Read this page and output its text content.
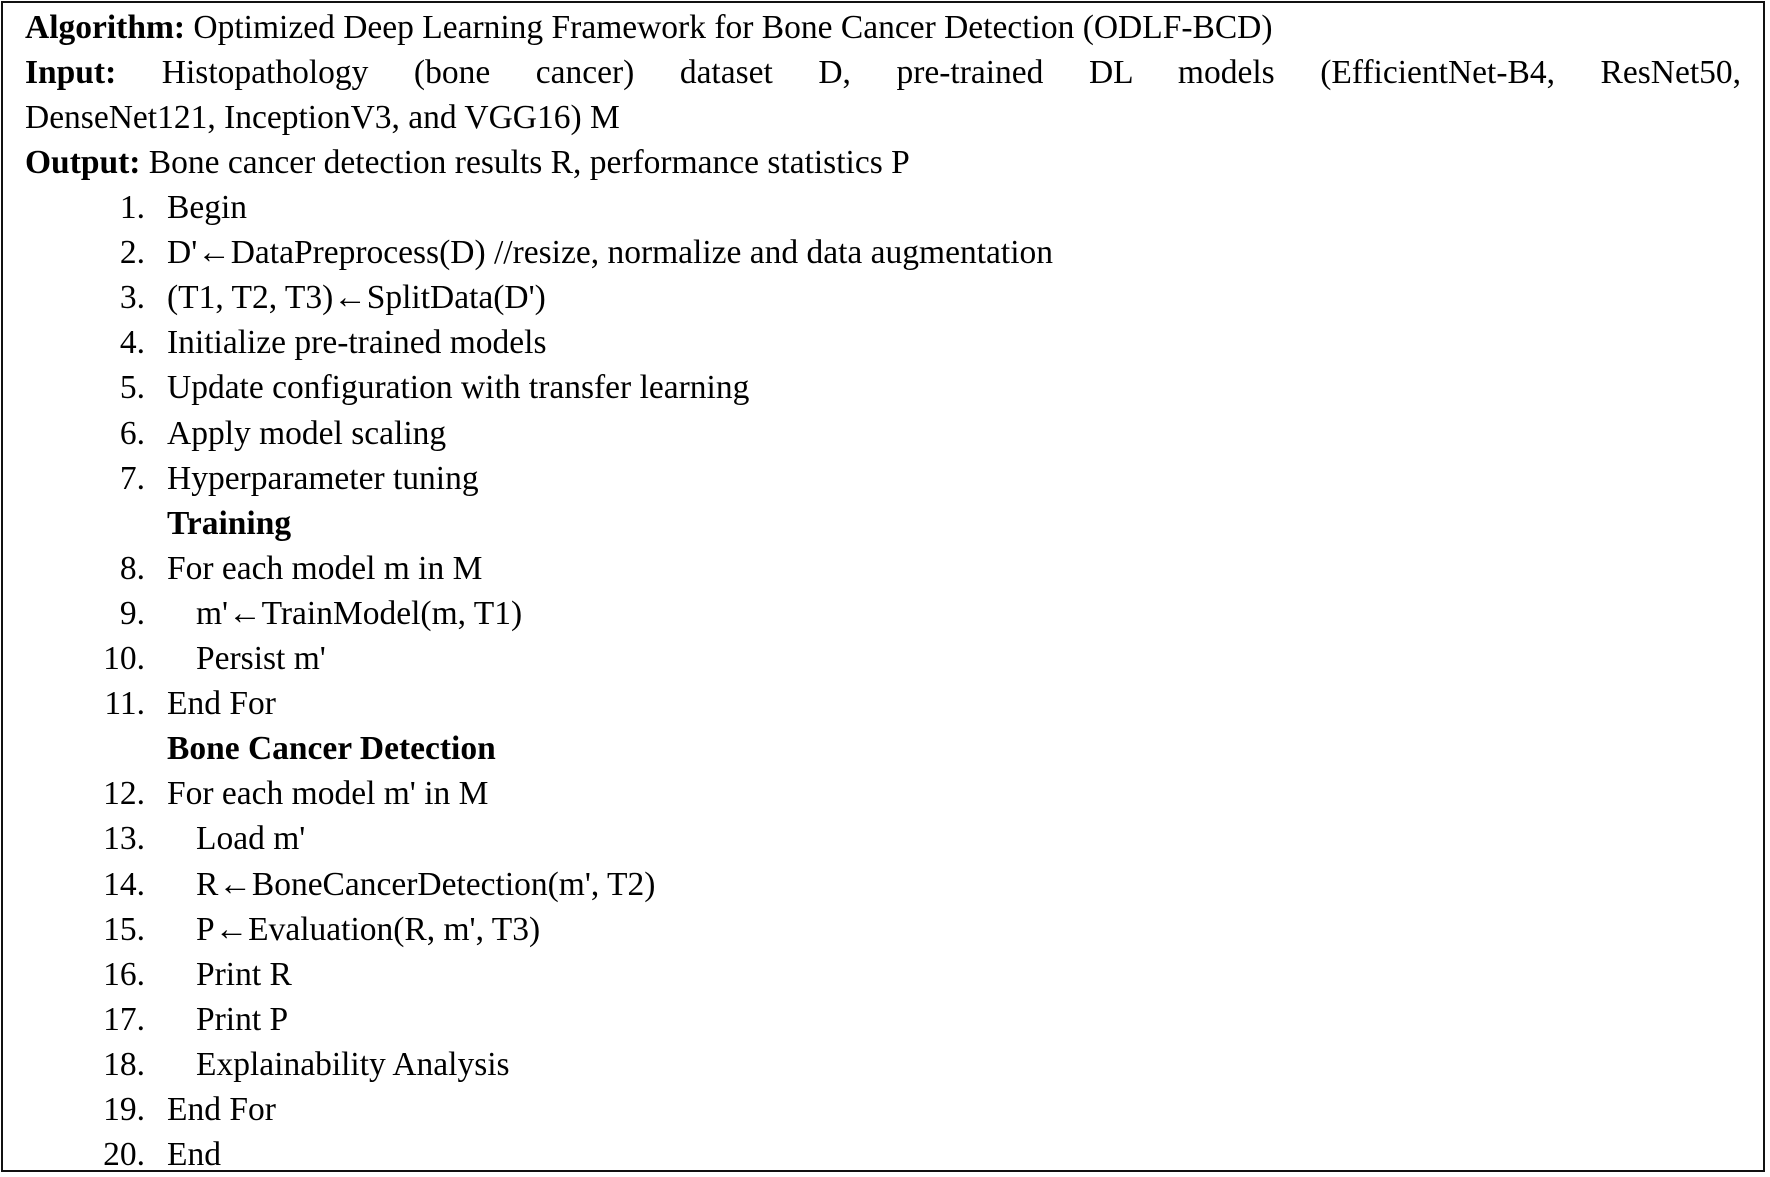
Algorithm: Optimized Deep Learning Framework for Bone Cancer Detection (ODLF-BCD)
Input: Histopathology (bone cancer) dataset D, pre-trained DL models (EfficientNet-B4, ResNet50,
DenseNet121, InceptionV3, and VGG16) M
Output: Bone cancer detection results R, performance statistics P
1. Begin
2. D'←DataPreprocess(D) //resize, normalize and data augmentation
3. (T1, T2, T3)←SplitData(D')
4. Initialize pre-trained models
5. Update configuration with transfer learning
6. Apply model scaling
7. Hyperparameter tuning
Training
8. For each model m in M
9. m'←TrainModel(m, T1)
10. Persist m'
11. End For
Bone Cancer Detection
12. For each model m' in M
13. Load m'
14. R←BoneCancerDetection(m', T2)
15. P←Evaluation(R, m', T3)
16. Print R
17. Print P
18. Explainability Analysis
19. End For
20. End
